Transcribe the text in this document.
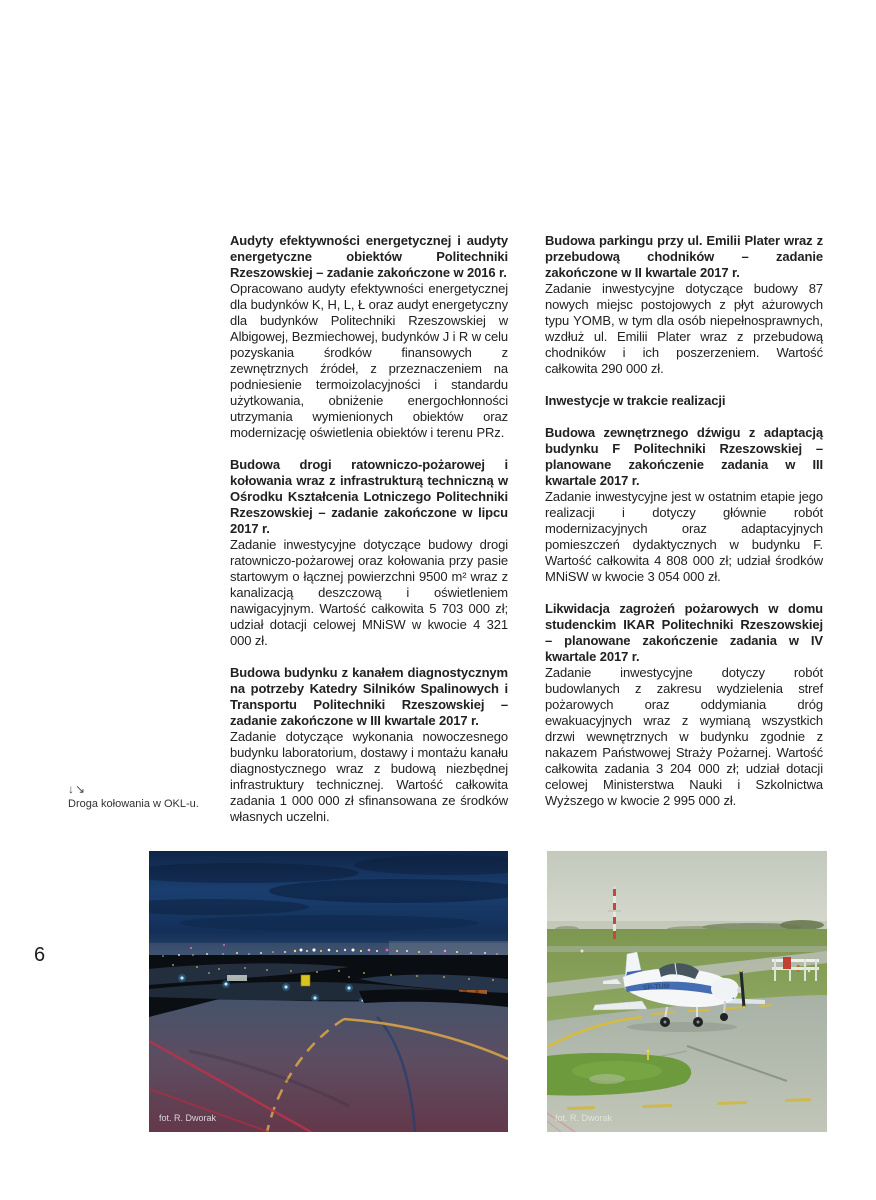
6
↓↘
Droga kołowania w OKL-u.

Audyty efektywności energetycznej i audyty energetyczne obiektów Politechniki Rzeszowskiej – zadanie zakończone w 2016 r.

Opracowano audyty efektywności energetycznej dla budynków K, H, L, Ł oraz audyt energetyczny dla budynków Politechniki Rzeszowskiej w Albigowej, Bezmiechowej, budynków J i R w celu pozyskania środków finansowych z zewnętrznych źródeł, z przeznaczeniem na podniesienie termoizolacyjności i standardu użytkowania, obniżenie energochłonności utrzymania wymienionych obiektów oraz modernizację oświetlenia obiektów i terenu PRz.

Budowa drogi ratowniczo-pożarowej i kołowania wraz z infrastrukturą techniczną w Ośrodku Kształcenia Lotniczego Politechniki Rzeszowskiej – zadanie zakończone w lipcu 2017 r.

Zadanie inwestycyjne dotyczące budowy drogi ratowniczo-pożarowej oraz kołowania przy pasie startowym o łącznej powierzchni 9500 m² wraz z kanalizacją deszczową i oświetleniem nawigacyjnym. Wartość całkowita 5 703 000 zł; udział dotacji celowej MNiSW w kwocie 4 321 000 zł.

Budowa budynku z kanałem diagnostycznym na potrzeby Katedry Silników Spalinowych i Transportu Politechniki Rzeszowskiej – zadanie zakończone w III kwartale 2017 r.

Zadanie dotyczące wykonania nowoczesnego budynku laboratorium, dostawy i montażu kanału diagnostycznego wraz z budową niezbędnej infrastruktury technicznej. Wartość całkowita zadania 1 000 000 zł sfinansowana ze środków własnych uczelni.

Budowa parkingu przy ul. Emilii Plater wraz z przebudową chodników – zadanie zakończone w II kwartale 2017 r.

Zadanie inwestycyjne dotyczące budowy 87 nowych miejsc postojowych z płyt ażurowych typu YOMB, w tym dla osób niepełnosprawnych, wzdłuż ul. Emilii Plater wraz z przebudową chodników i ich poszerzeniem. Wartość całkowita 290 000 zł.

Inwestycje w trakcie realizacji

Budowa zewnętrznego dźwigu z adaptacją budynku F Politechniki Rzeszowskiej – planowane zakończenie zadania w III kwartale 2017 r.

Zadanie inwestycyjne jest w ostatnim etapie jego realizacji i dotyczy głównie robót modernizacyjnych oraz adaptacyjnych pomieszczeń dydaktycznych w budynku F. Wartość całkowita 4 808 000 zł; udział środków MNiSW w kwocie 3 054 000 zł.

Likwidacja zagrożeń pożarowych w domu studenckim IKAR Politechniki Rzeszowskiej – planowane zakończenie zadania w IV kwartale 2017 r.

Zadanie inwestycyjne dotyczy robót budowlanych z zakresu wydzielenia stref pożarowych oraz oddymiania dróg ewakuacyjnych wraz z wymianą wszystkich drzwi wewnętrznych w budynku zgodnie z nakazem Państwowej Straży Pożarnej. Wartość całkowita zadania 3 204 000 zł; udział dotacji celowej Ministerstwa Nauki i Szkolnictwa Wyższego w kwocie 2 995 000 zł.

fot. R. Dworak
SP-TUM
fot. R. Dworak
